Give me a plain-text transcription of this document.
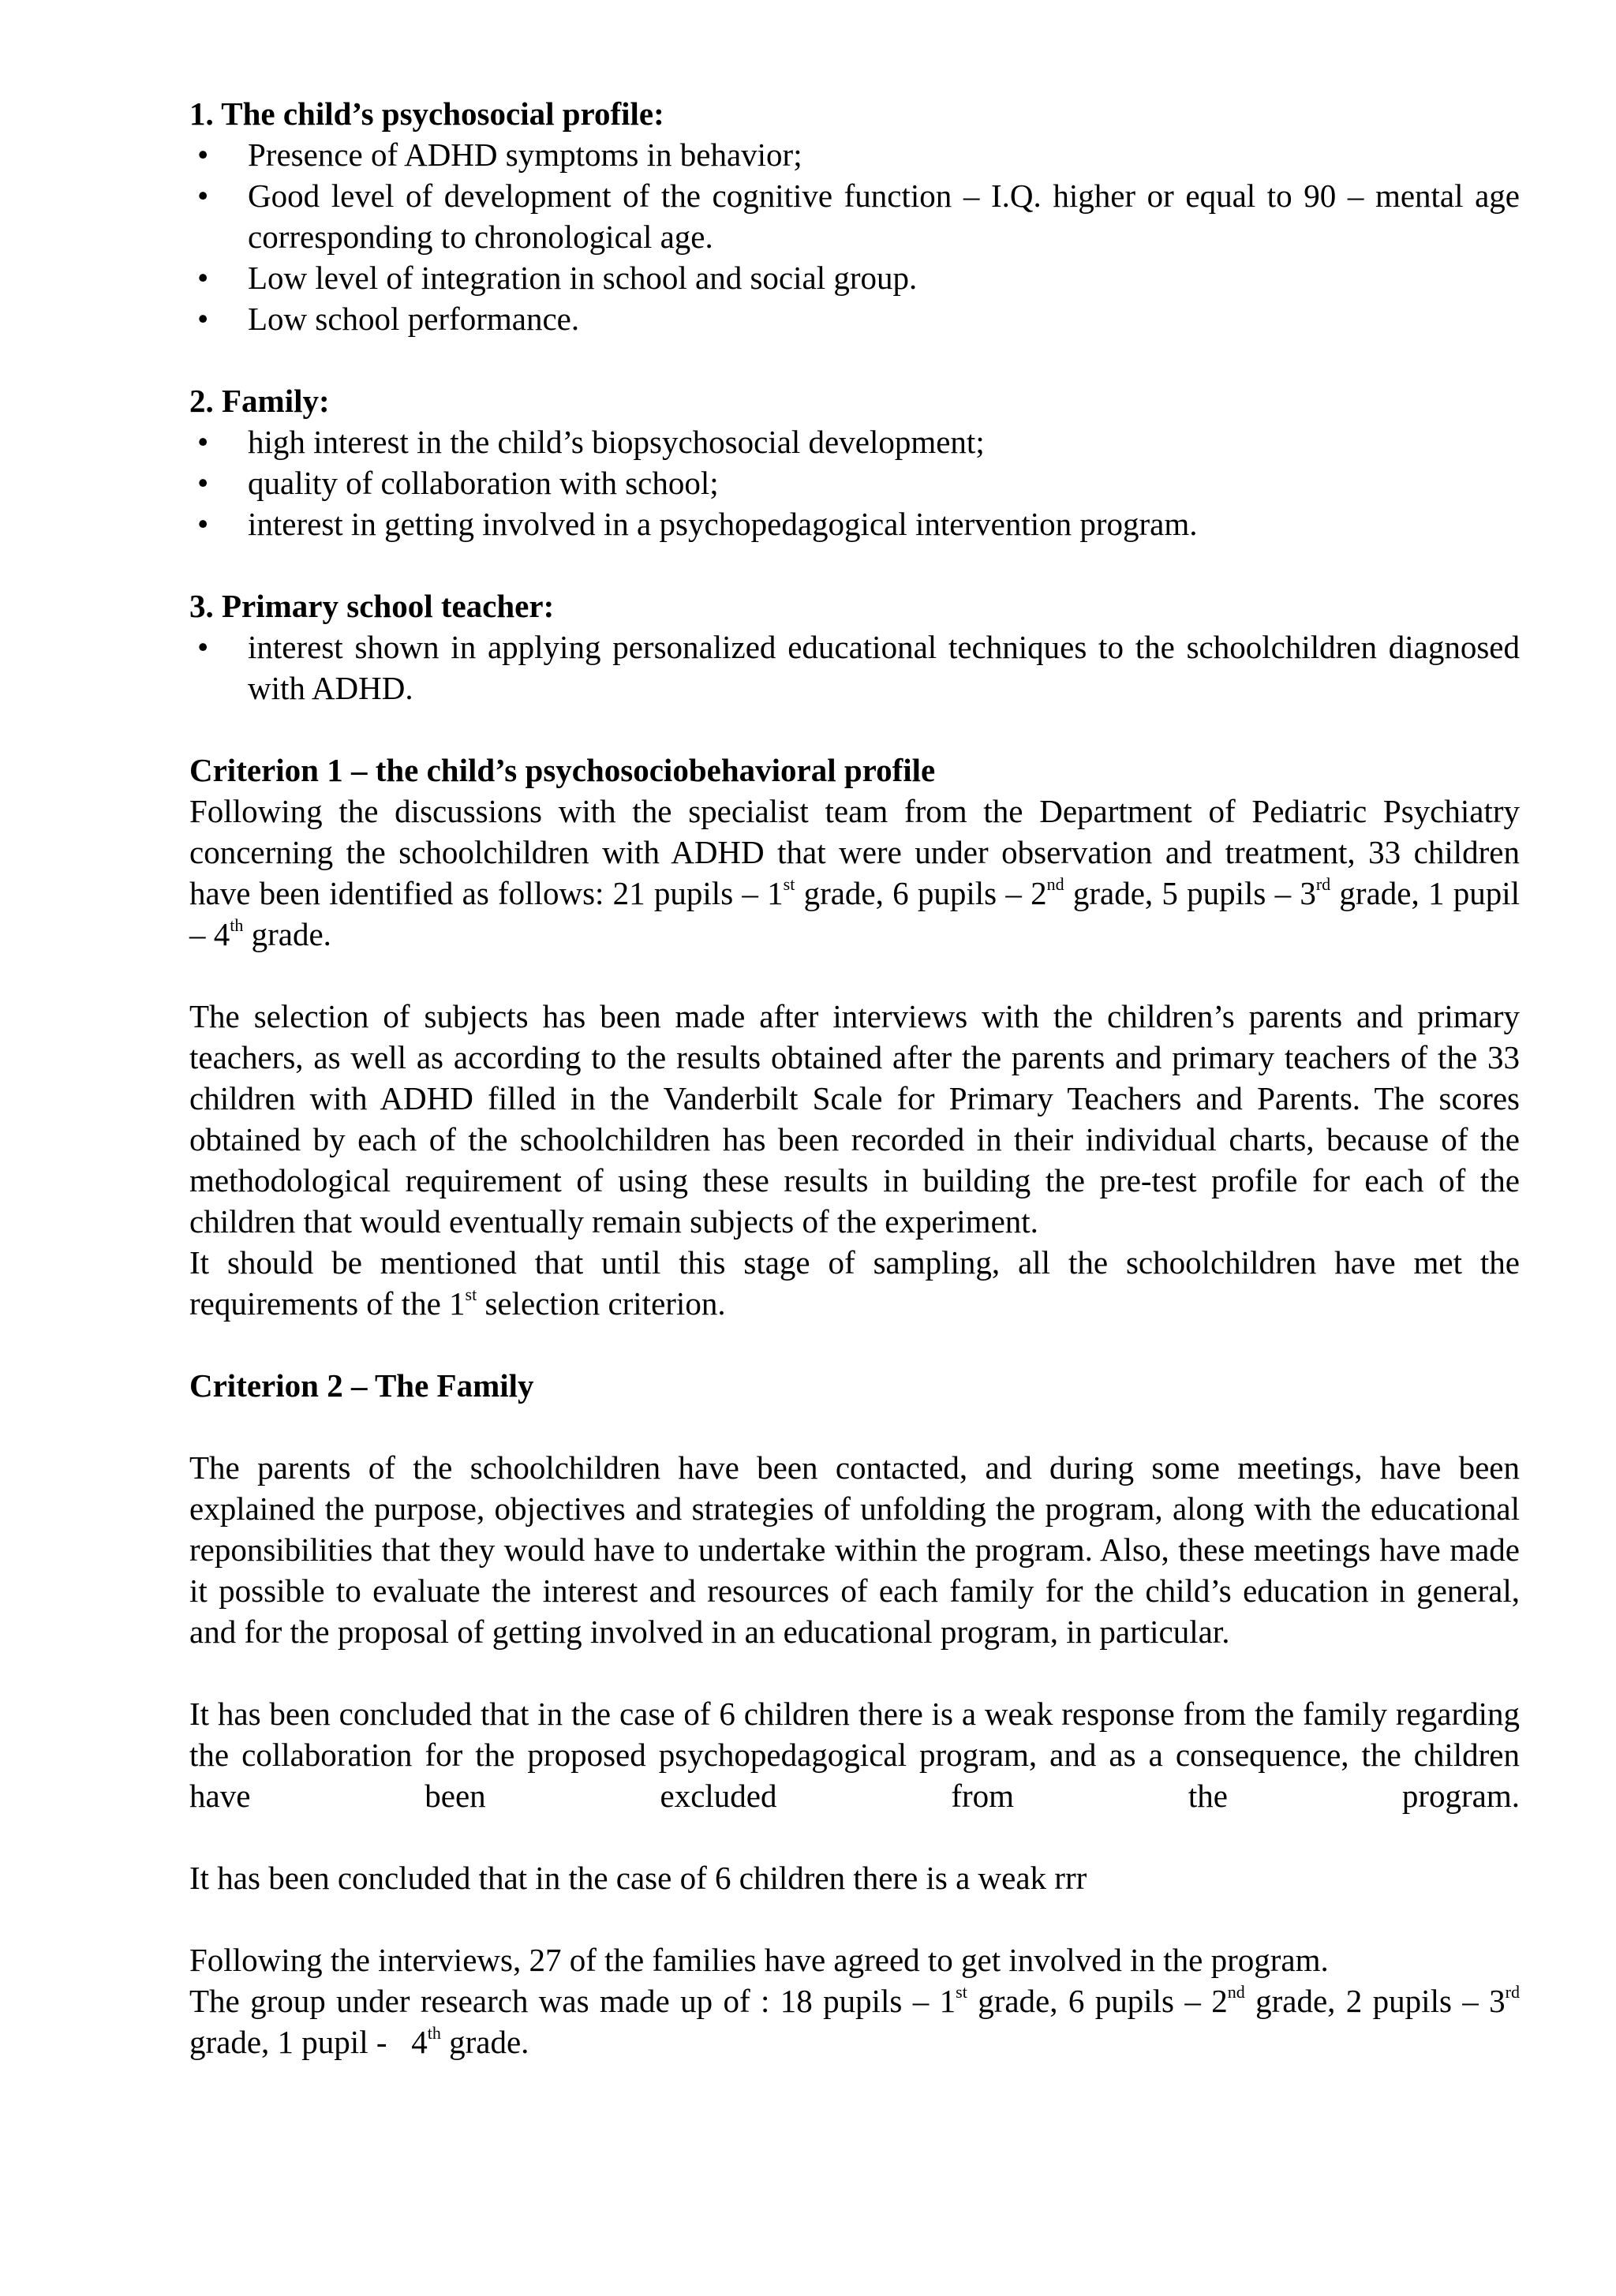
1. The child’s psychosocial profile:

• Presence of ADHD symptoms in behavior;
• Good level of development of the cognitive function – I.Q. higher or equal to 90 – mental age corresponding to chronological age.
• Low level of integration in school and social group.
• Low school performance.

2. Family:

• high interest in the child’s biopsychosocial development;
• quality of collaboration with school;
• interest in getting involved in a psychopedagogical intervention program.

3. Primary school teacher:

• interest shown in applying personalized educational techniques to the schoolchildren diagnosed with ADHD.

Criterion 1 – the child’s psychosociobehavioral profile

Following the discussions with the specialist team from the Department of Pediatric Psychiatry concerning the schoolchildren with ADHD that were under observation and treatment, 33 children have been identified as follows: 21 pupils – 1st grade, 6 pupils – 2nd grade, 5 pupils – 3rd grade, 1 pupil – 4th grade.

The selection of subjects has been made after interviews with the children’s parents and primary teachers, as well as according to the results obtained after the parents and primary teachers of the 33 children with ADHD filled in the Vanderbilt Scale for Primary Teachers and Parents. The scores obtained by each of the schoolchildren has been recorded in their individual charts, because of the methodological requirement of using these results in building the pre-test profile for each of the children that would eventually remain subjects of the experiment.

It should be mentioned that until this stage of sampling, all the schoolchildren have met the requirements of the 1st selection criterion.

Criterion 2 – The Family

The parents of the schoolchildren have been contacted, and during some meetings, have been explained the purpose, objectives and strategies of unfolding the program, along with the educational reponsibilities that they would have to undertake within the program. Also, these meetings have made it possible to evaluate the interest and resources of each family for the child’s education in general, and for the proposal of getting involved in an educational program, in particular.

It has been concluded that in the case of 6 children there is a weak response from the family regarding the collaboration for the proposed psychopedagogical program, and as a consequence, the children have been excluded from the program.

It has been concluded that in the case of 6 children there is a weak rrr

Following the interviews, 27 of the families have agreed to get involved in the program.

The group under research was made up of : 18 pupils – 1st grade, 6 pupils – 2nd grade, 2 pupils – 3rd grade, 1 pupil -   4th grade.
